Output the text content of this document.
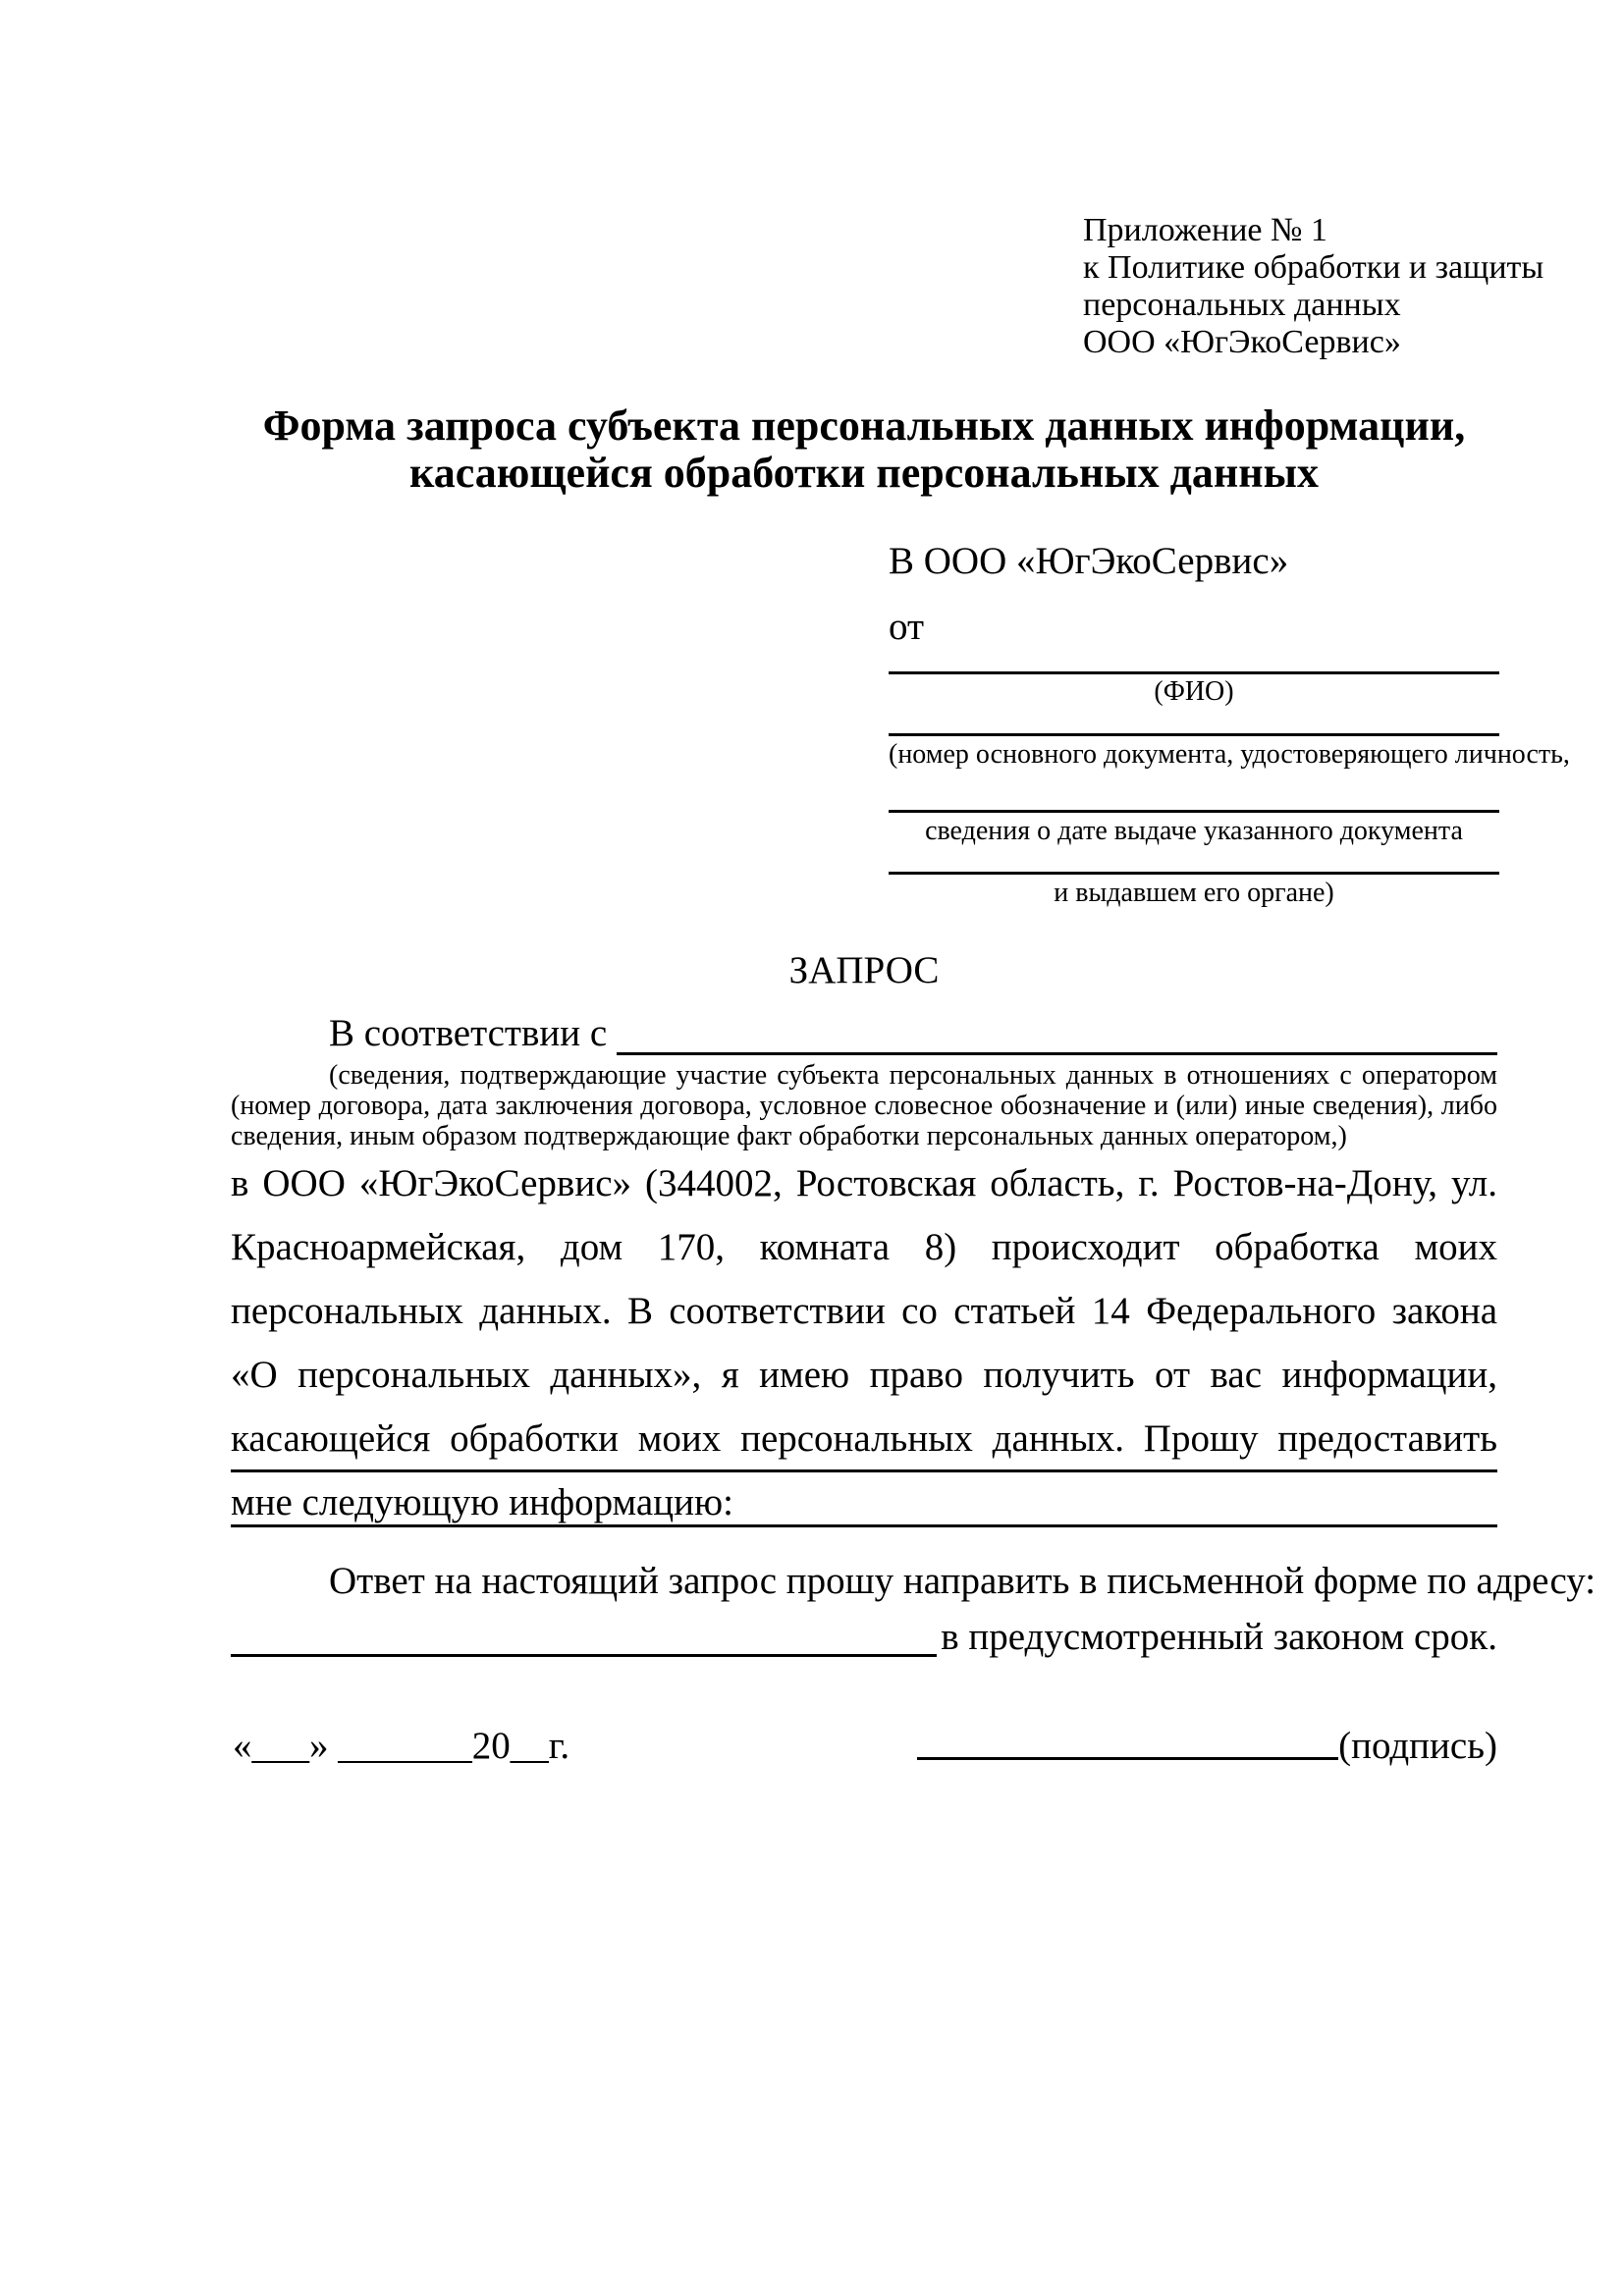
Приложение № 1
к Политике обработки и защиты
персональных данных
ООО «ЮгЭкоСервис»
Форма запроса субъекта персональных данных информации,
касающейся обработки персональных данных
В ООО «ЮгЭкоСервис»
от
(ФИО)
(номер основного документа, удостоверяющего личность,
сведения о дате выдаче указанного документа
и выдавшем его органе)
ЗАПРОС
В соответствии с
(сведения, подтверждающие участие субъекта персональных данных в отношениях с оператором (номер договора, дата заключения договора, условное словесное обозначение и (или) иные сведения), либо сведения, иным образом подтверждающие факт обработки персональных данных оператором,)
в ООО «ЮгЭкоСервис» (344002, Ростовская область, г. Ростов-на-Дону, ул. Красноармейская, дом 170, комната 8) происходит обработка моих персональных данных. В соответствии со статьей 14 Федерального закона «О персональных данных», я имею право получить от вас информации, касающейся обработки моих персональных данных. Прошу предоставить мне следующую информацию:
Ответ на настоящий запрос прошу направить в письменной форме по адресу:
в предусмотренный законом срок.
«___» _______20__г.	(подпись)
